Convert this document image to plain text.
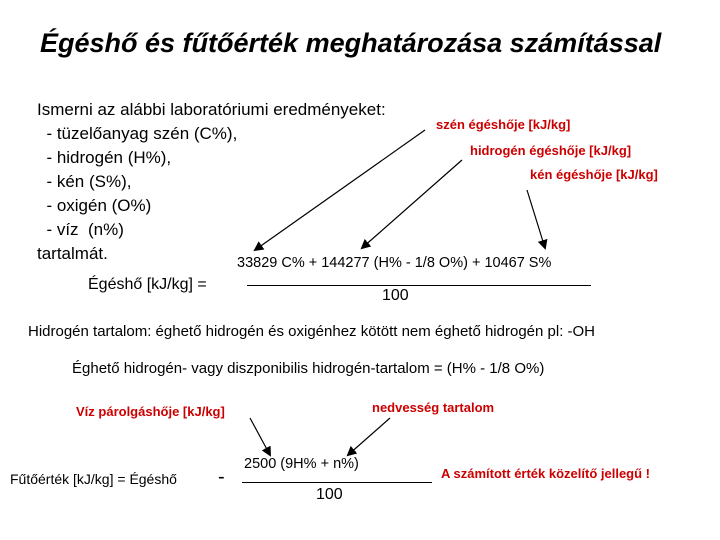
Égéshő és fűtőérték meghatározása számítással
Ismerni az alábbi laboratóriumi eredményeket:
- tüzelőanyag szén (C%),
- hidrogén (H%),
- kén (S%),
- oxigén (O%)
- víz  (n%)
tartalmát.
szén égéshője [kJ/kg]
hidrogén égéshője [kJ/kg]
kén égéshője [kJ/kg]
Égéshő [kJ/kg] =
33829 C% + 144277 (H% - 1/8 O%) + 10467 S%
100
Hidrogén tartalom: éghető hidrogén és oxigénhez kötött nem éghető hidrogén pl: -OH
Éghető hidrogén- vagy diszponibilis hidrogén-tartalom = (H% - 1/8 O%)
Víz párolgáshője [kJ/kg]	nedvesség tartalom
Fűtőérték [kJ/kg] = Égéshő -
2500 (9H% + n%)
100
A számított érték közelítő jellegű !
